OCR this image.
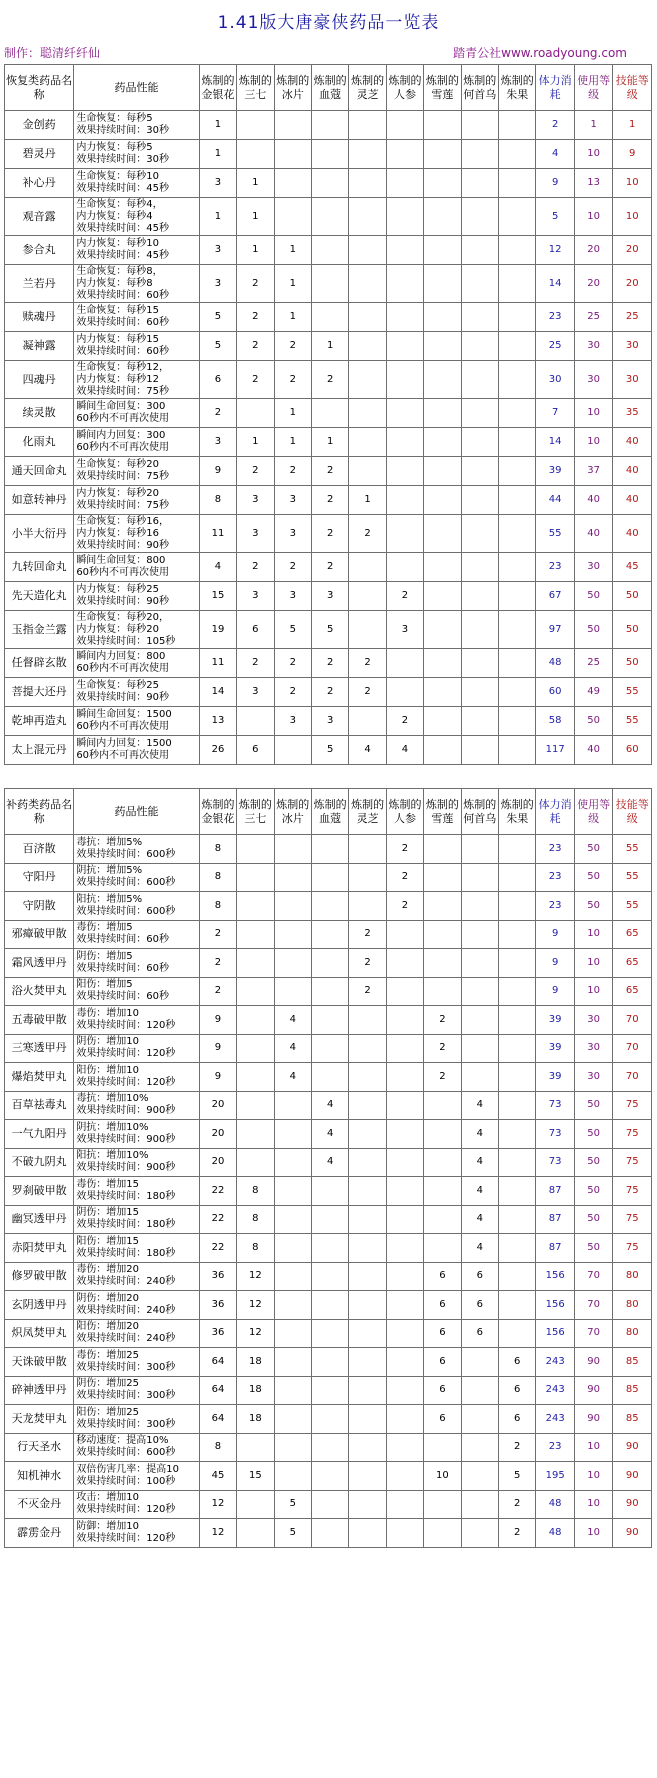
1.41版大唐豪侠药品一览表
制作：聪清纤纤仙	踏青公社www.roadyoung.com
恢复类药品名称	药品性能	炼制的金银花	炼制的三七	炼制的冰片	炼制的血蔻	炼制的灵芝	炼制的人参	炼制的雪莲	炼制的何首乌	炼制的朱果	体力消耗	使用等级	技能等级
金创药	生命恢复：每秒5
效果持续时间：30秒	1									2	1	1
碧灵丹	内力恢复：每秒5
效果持续时间：30秒	1									4	10	9
补心丹	生命恢复：每秒10
效果持续时间：45秒	3	1								9	13	10
观音露	生命恢复：每秒4，
内力恢复：每秒4
效果持续时间：45秒	1	1								5	10	10
参合丸	内力恢复：每秒10
效果持续时间：45秒	3	1	1							12	20	20
兰若丹	生命恢复：每秒8，
内力恢复：每秒8
效果持续时间：60秒	3	2	1							14	20	20
赎魂丹	生命恢复：每秒15
效果持续时间：60秒	5	2	1							23	25	25
凝神露	内力恢复：每秒15
效果持续时间：60秒	5	2	2	1						25	30	30
四魂丹	生命恢复：每秒12，
内力恢复：每秒12
效果持续时间：75秒	6	2	2	2						30	30	30
续灵散	瞬间生命回复：300
60秒内不可再次使用	2		1							7	10	35
化雨丸	瞬间内力回复：300
60秒内不可再次使用	3	1	1	1						14	10	40
通天回命丸	生命恢复：每秒20
效果持续时间：75秒	9	2	2	2						39	37	40
如意转神丹	内力恢复：每秒20
效果持续时间：75秒	8	3	3	2	1					44	40	40
小半大衍丹	生命恢复：每秒16，
内力恢复：每秒16
效果持续时间：90秒	11	3	3	2	2					55	40	40
九转回命丸	瞬间生命回复：800
60秒内不可再次使用	4	2	2	2						23	30	45
先天造化丸	内力恢复：每秒25
效果持续时间：90秒	15	3	3	3		2				67	50	50
玉指金兰露	生命恢复：每秒20，
内力恢复：每秒20
效果持续时间：105秒	19	6	5	5		3				97	50	50
任督辟玄散	瞬间内力回复：800
60秒内不可再次使用	11	2	2	2	2					48	25	50
菩提大还丹	生命恢复：每秒25
效果持续时间：90秒	14	3	2	2	2					60	49	55
乾坤再造丸	瞬间生命回复：1500
60秒内不可再次使用	13		3	3		2				58	50	55
太上混元丹	瞬间内力回复：1500
60秒内不可再次使用	26	6		5	4	4				117	40	60
补药类药品名称	药品性能	炼制的金银花	炼制的三七	炼制的冰片	炼制的血蔻	炼制的灵芝	炼制的人参	炼制的雪莲	炼制的何首乌	炼制的朱果	体力消耗	使用等级	技能等级
百济散	毒抗：增加5%
效果持续时间：600秒	8					2				23	50	55
守阳丹	阴抗：增加5%
效果持续时间：600秒	8					2				23	50	55
守阴散	阳抗：增加5%
效果持续时间：600秒	8					2				23	50	55
邪瘴破甲散	毒伤：增加5
效果持续时间：60秒	2				2					9	10	65
霜风透甲丹	阴伤：增加5
效果持续时间：60秒	2				2					9	10	65
浴火焚甲丸	阳伤：增加5
效果持续时间：60秒	2				2					9	10	65
五毒破甲散	毒伤：增加10
效果持续时间：120秒	9		4				2			39	30	70
三寒透甲丹	阴伤：增加10
效果持续时间：120秒	9		4				2			39	30	70
爆焰焚甲丸	阳伤：增加10
效果持续时间：120秒	9		4				2			39	30	70
百草祛毒丸	毒抗：增加10%
效果持续时间：900秒	20			4				4		73	50	75
一气九阳丹	阴抗：增加10%
效果持续时间：900秒	20			4				4		73	50	75
不破九阴丸	阳抗：增加10%
效果持续时间：900秒	20			4				4		73	50	75
罗刹破甲散	毒伤：增加15
效果持续时间：180秒	22	8						4		87	50	75
幽冥透甲丹	阴伤：增加15
效果持续时间：180秒	22	8						4		87	50	75
赤阳焚甲丸	阳伤：增加15
效果持续时间：180秒	22	8						4		87	50	75
修罗破甲散	毒伤：增加20
效果持续时间：240秒	36	12					6	6		156	70	80
玄阴透甲丹	阴伤：增加20
效果持续时间：240秒	36	12					6	6		156	70	80
炽凤焚甲丸	阳伤：增加20
效果持续时间：240秒	36	12					6	6		156	70	80
天诛破甲散	毒伤：增加25
效果持续时间：300秒	64	18					6		6	243	90	85
碎神透甲丹	阴伤：增加25
效果持续时间：300秒	64	18					6		6	243	90	85
天龙焚甲丸	阳伤：增加25
效果持续时间：300秒	64	18					6		6	243	90	85
行天圣水	移动速度：提高10%
效果持续时间：600秒	8								2	23	10	90
知机神水	双倍伤害几率：提高10
效果持续时间：100秒	45	15					10		5	195	10	90
不灭金丹	攻击：增加10
效果持续时间：120秒	12		5						2	48	10	90
霹雳金丹	防御：增加10
效果持续时间：120秒	12		5						2	48	10	90
